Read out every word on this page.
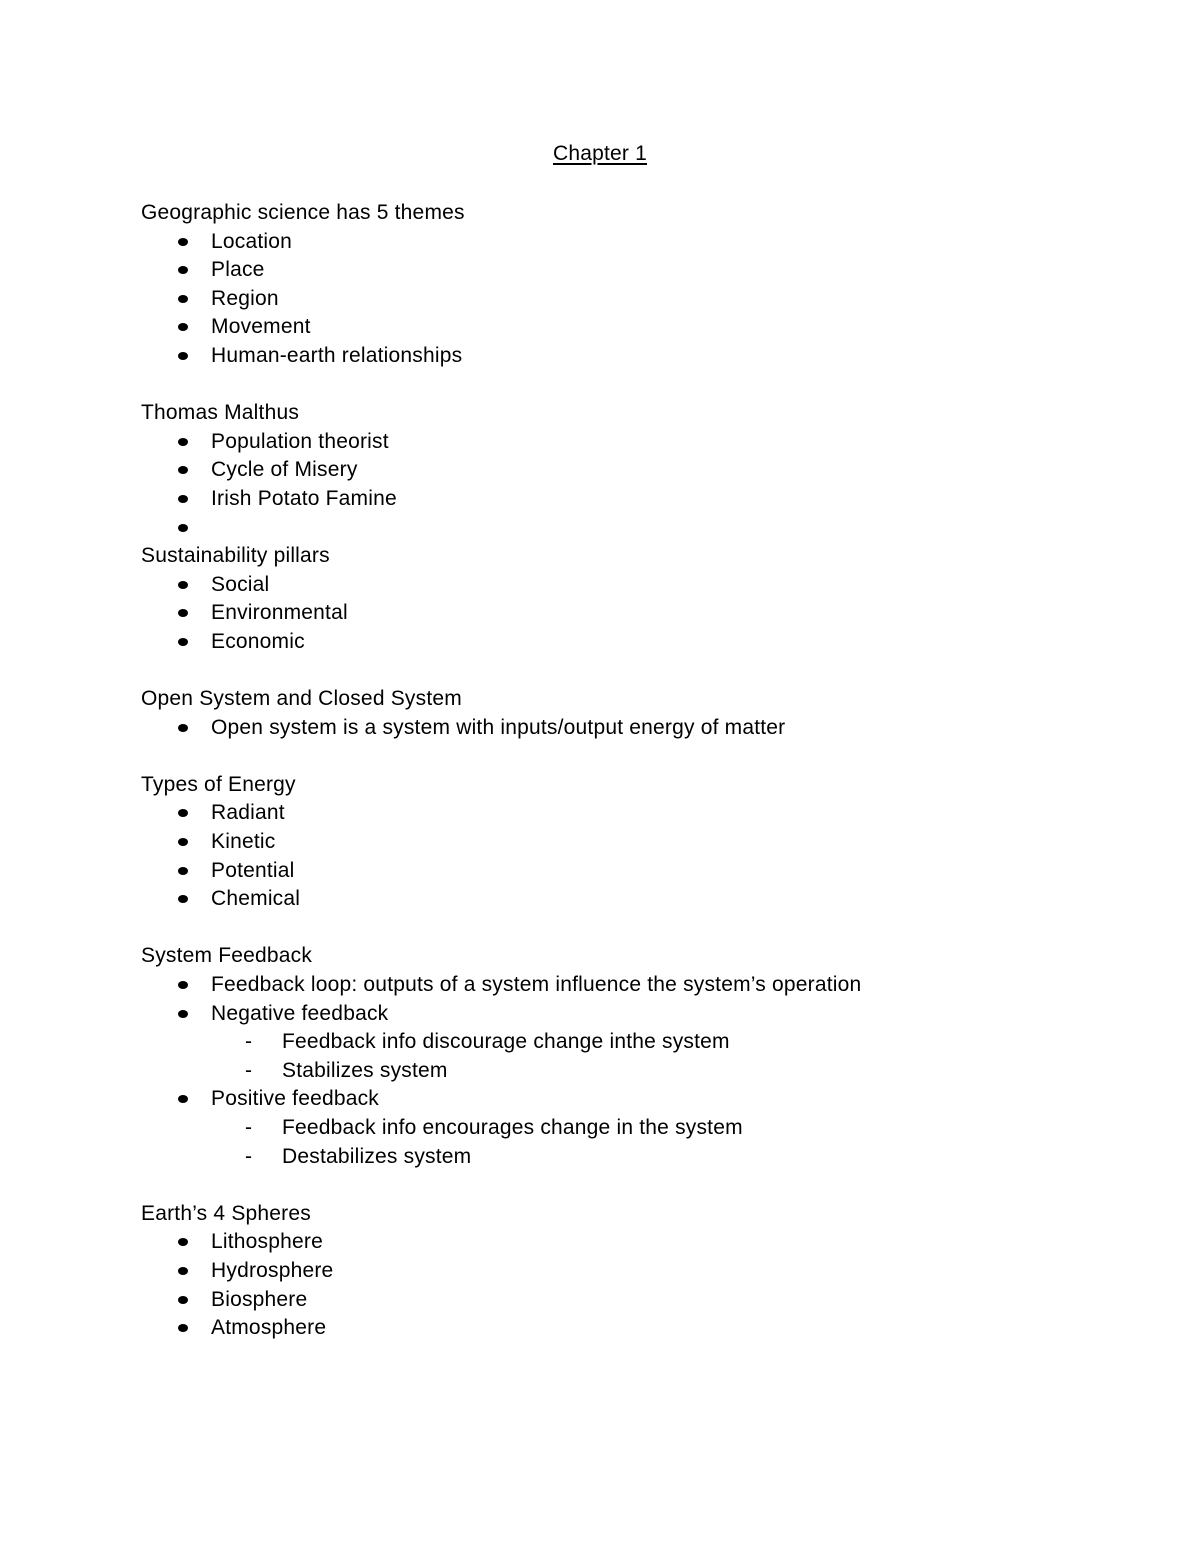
Chapter 1
Geographic science has 5 themes
Location
Place
Region
Movement
Human-earth relationships
Thomas Malthus
Population theorist
Cycle of Misery
Irish Potato Famine
Sustainability pillars
Social
Environmental
Economic
Open System and Closed System
Open system is a system with inputs/output energy of matter
Types of Energy
Radiant
Kinetic
Potential
Chemical
System Feedback
Feedback loop: outputs of a system influence the system’s operation
Negative feedback
- Feedback info discourage change inthe system
- Stabilizes system
Positive feedback
- Feedback info encourages change in the system
- Destabilizes system
Earth’s 4 Spheres
Lithosphere
Hydrosphere
Biosphere
Atmosphere
